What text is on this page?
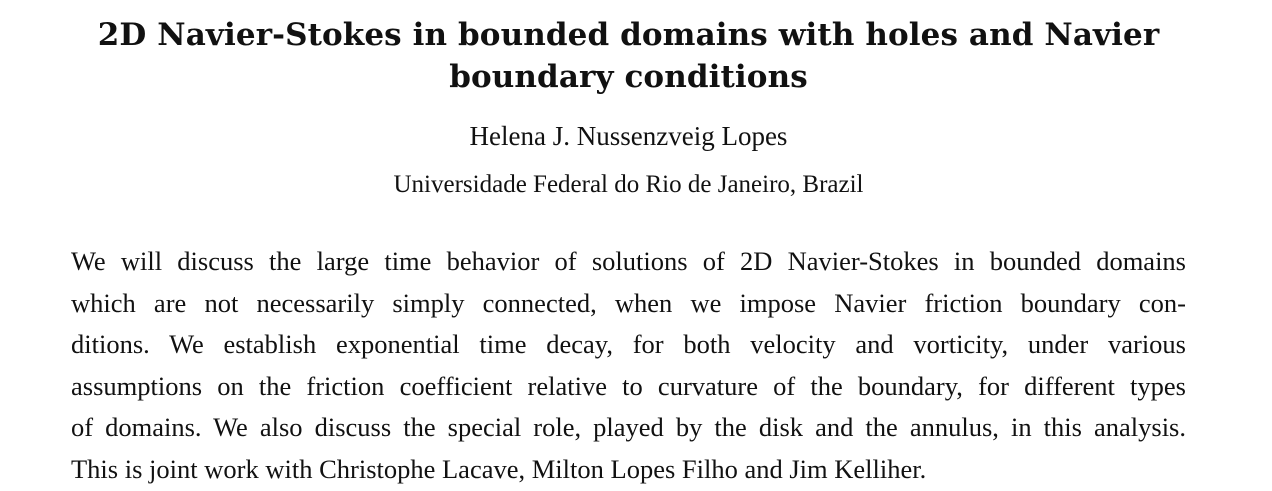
2D Navier-Stokes in bounded domains with holes and Navier
boundary conditions
Helena J. Nussenzveig Lopes
Universidade Federal do Rio de Janeiro, Brazil
We will discuss the large time behavior of solutions of 2D Navier-Stokes in bounded domains
which are not necessarily simply connected, when we impose Navier friction boundary con-
ditions. We establish exponential time decay, for both velocity and vorticity, under various
assumptions on the friction coefficient relative to curvature of the boundary, for different types
of domains. We also discuss the special role, played by the disk and the annulus, in this analysis.
This is joint work with Christophe Lacave, Milton Lopes Filho and Jim Kelliher.
